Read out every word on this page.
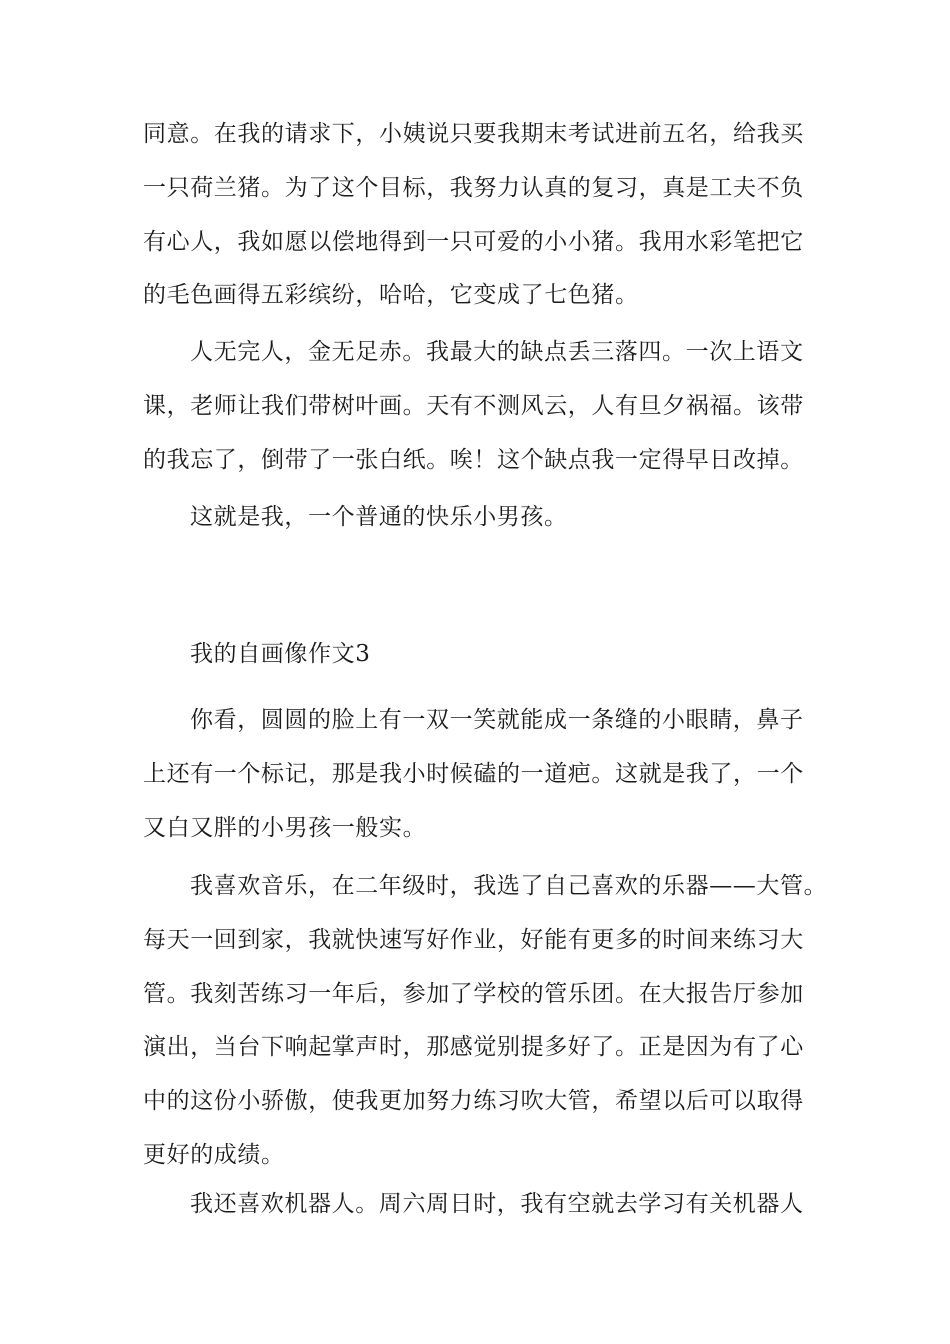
同意。在我的请求下，小姨说只要我期末考试进前五名，给我买
一只荷兰猪。为了这个目标，我努力认真的复习，真是工夫不负
有心人，我如愿以偿地得到一只可爱的小小猪。我用水彩笔把它
的毛色画得五彩缤纷，哈哈，它变成了七色猪。
人无完人，金无足赤。我最大的缺点丢三落四。一次上语文
课，老师让我们带树叶画。天有不测风云，人有旦夕祸福。该带
的我忘了，倒带了一张白纸。唉！这个缺点我一定得早日改掉。
这就是我，一个普通的快乐小男孩。
我的自画像作文3
你看，圆圆的脸上有一双一笑就能成一条缝的小眼睛，鼻子
上还有一个标记，那是我小时候磕的一道疤。这就是我了，一个
又白又胖的小男孩一般实。
我喜欢音乐，在二年级时，我选了自己喜欢的乐器——大管。
每天一回到家，我就快速写好作业，好能有更多的时间来练习大
管。我刻苦练习一年后，参加了学校的管乐团。在大报告厅参加
演出，当台下响起掌声时，那感觉别提多好了。正是因为有了心
中的这份小骄傲，使我更加努力练习吹大管，希望以后可以取得
更好的成绩。
我还喜欢机器人。周六周日时，我有空就去学习有关机器人
